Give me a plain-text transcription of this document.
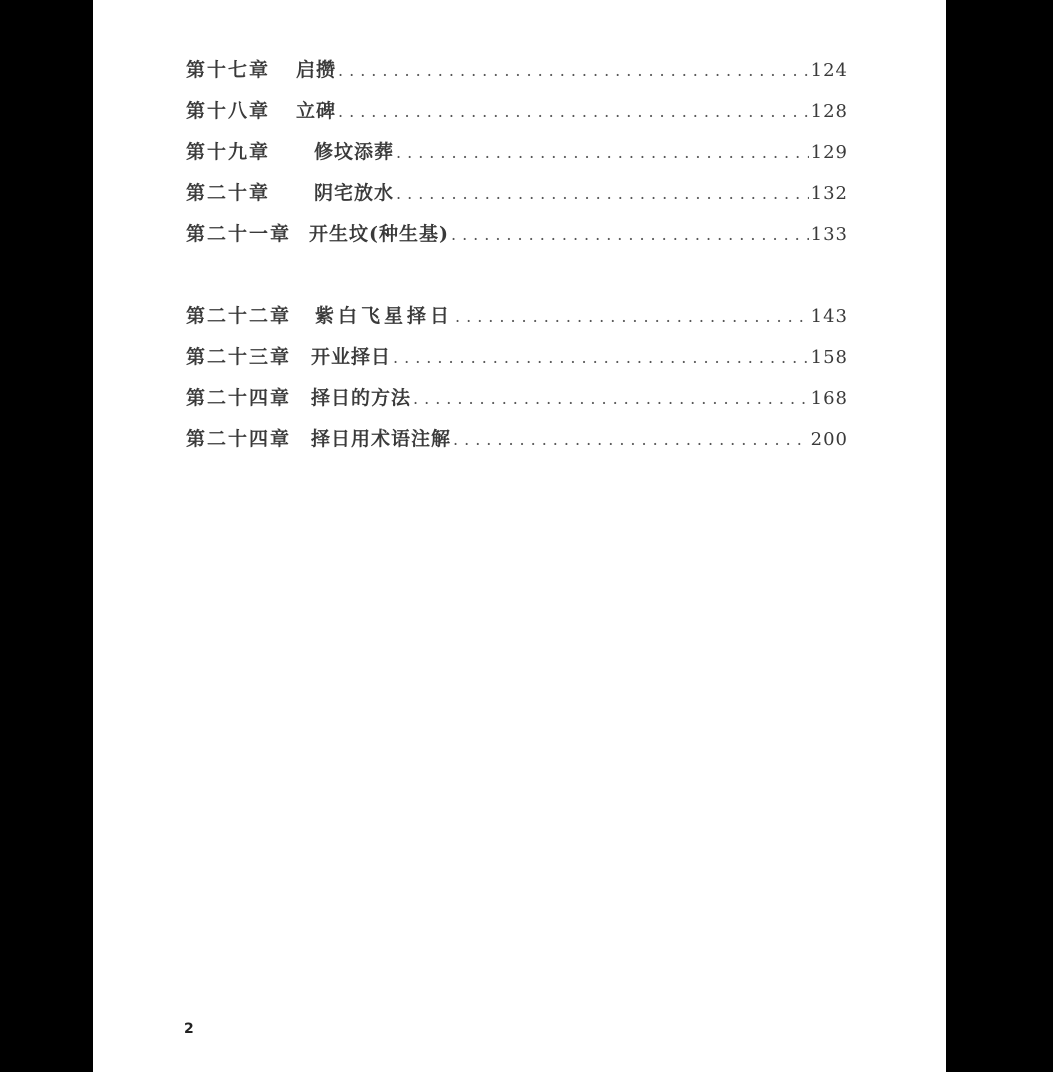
第十七章 启攒 .....	124
第十八章 立碑 .....	128
第十九章 修坟添葬 .....	129
第二十章 阴宅放水 .....	132
第二十一章 开生坟(种生基) .....	133
第二十二章 紫白飞星择日 .....	143
第二十三章 开业择日 .....	158
第二十四章 择日的方法 .....	168
第二十四章 择日用术语注解 .....	200
2
